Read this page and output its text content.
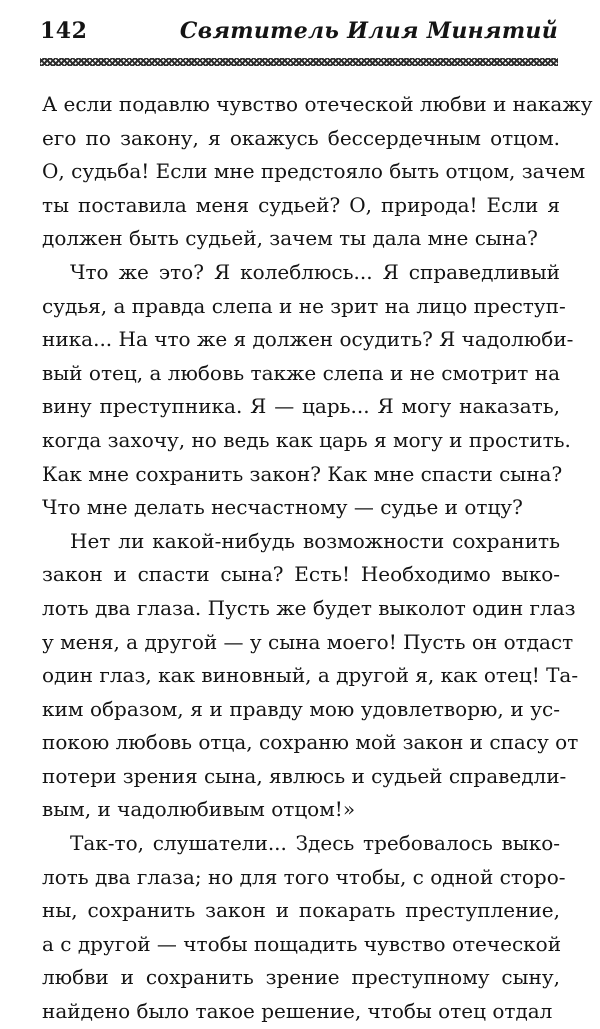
142	Святитель Илия Минятий
А если подавлю чувство отеческой любви и накажу
его по закону, я окажусь бессердечным отцом.
О, судьба! Если мне предстояло быть отцом, зачем
ты поставила меня судьей? О, природа! Если я
должен быть судьей, зачем ты дала мне сына?
Что же это? Я колеблюсь... Я справедливый
судья, а правда слепа и не зрит на лицо преступ-
ника... На что же я должен осудить? Я чадолюби-
вый отец, а любовь также слепа и не смотрит на
вину преступника. Я — царь... Я могу наказать,
когда захочу, но ведь как царь я могу и простить.
Как мне сохранить закон? Как мне спасти сына?
Что мне делать несчастному — судье и отцу?
Нет ли какой-нибудь возможности сохранить
закон и спасти сына? Есть! Необходимо выко-
лоть два глаза. Пусть же будет выколот один глаз
у меня, а другой — у сына моего! Пусть он отдаст
один глаз, как виновный, а другой я, как отец! Та-
ким образом, я и правду мою удовлетворю, и ус-
покою любовь отца, сохраню мой закон и спасу от
потери зрения сына, явлюсь и судьей справедли-
вым, и чадолюбивым отцом!»
Так-то, слушатели... Здесь требовалось выко-
лоть два глаза; но для того чтобы, с одной сторо-
ны, сохранить закон и покарать преступление,
а с другой — чтобы пощадить чувство отеческой
любви и сохранить зрение преступному сыну,
найдено было такое решение, чтобы отец отдал
